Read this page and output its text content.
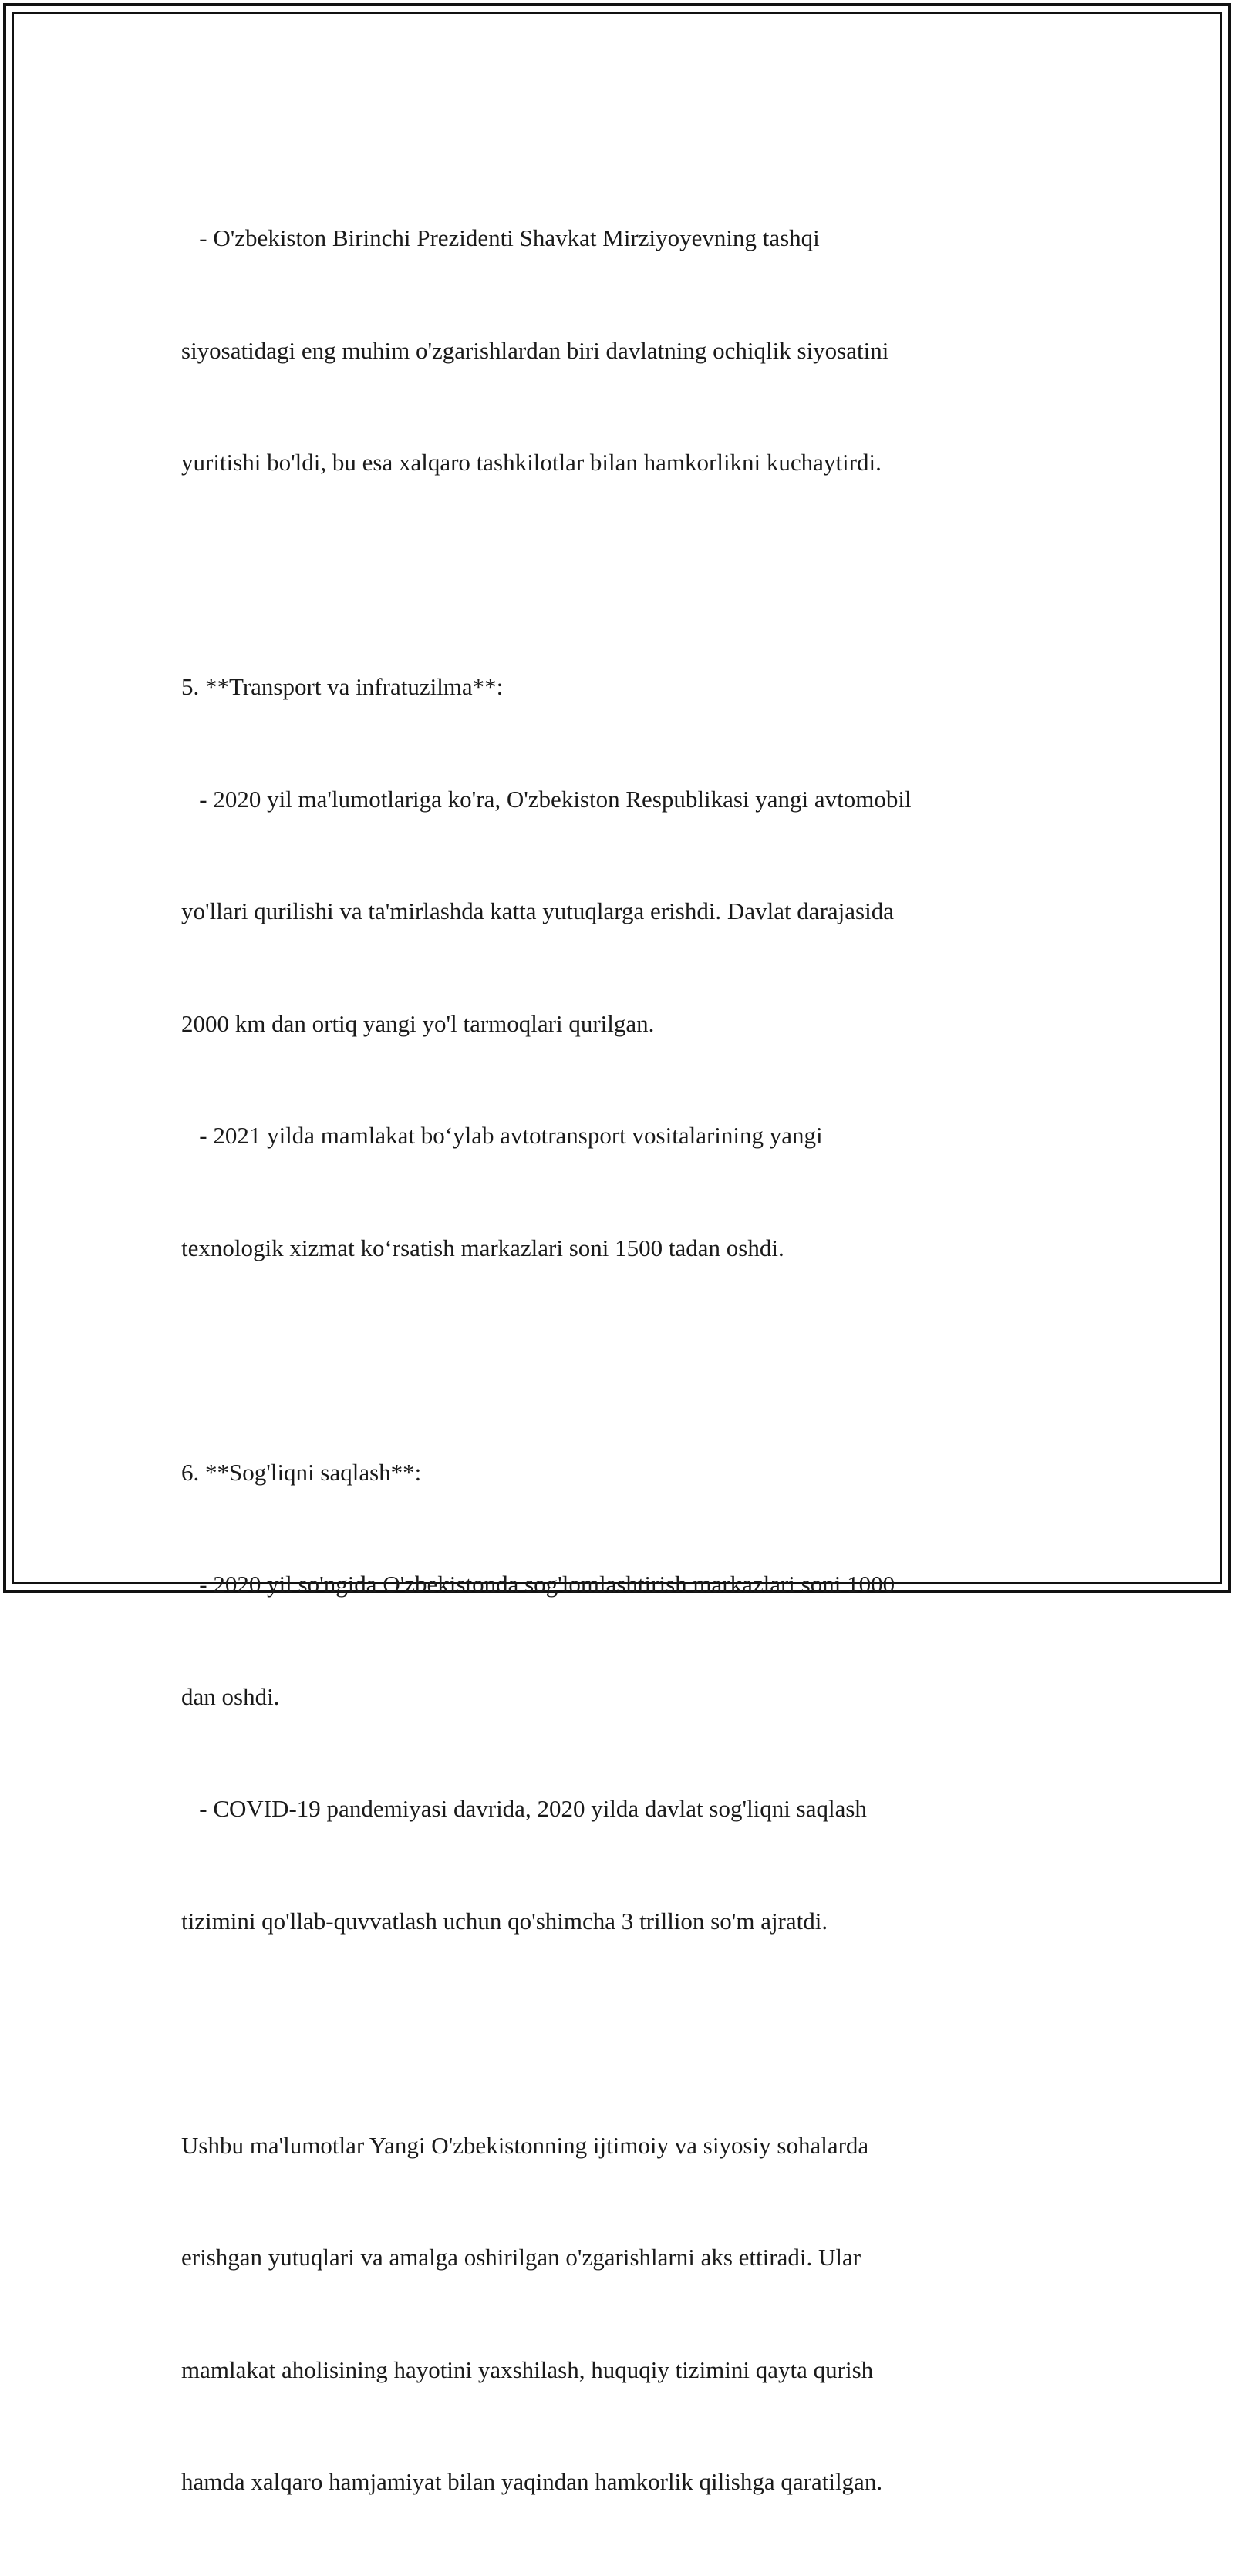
- O'zbekiston Birinchi Prezidenti Shavkat Mirziyoyevning tashqi

siyosatidagi eng muhim o'zgarishlardan biri davlatning ochiqlik siyosatini

yuritishi bo'ldi, bu esa xalqaro tashkilotlar bilan hamkorlikni kuchaytirdi.

5. **Transport va infratuzilma**:

- 2020 yil ma'lumotlariga ko'ra, O'zbekiston Respublikasi yangi avtomobil

yo'llari qurilishi va ta'mirlashda katta yutuqlarga erishdi. Davlat darajasida

2000 km dan ortiq yangi yo'l tarmoqlari qurilgan.

- 2021 yilda mamlakat boʻylab avtotransport vositalarining yangi

texnologik xizmat koʻrsatish markazlari soni 1500 tadan oshdi.

6. **Sog'liqni saqlash**:

- 2020 yil so'ngida O'zbekistonda sog'lomlashtirish markazlari soni 1000

dan oshdi.

- COVID-19 pandemiyasi davrida, 2020 yilda davlat sog'liqni saqlash

tizimini qo'llab-quvvatlash uchun qo'shimcha 3 trillion so'm ajratdi.

Ushbu ma'lumotlar Yangi O'zbekistonning ijtimoiy va siyosiy sohalarda

erishgan yutuqlari va amalga oshirilgan o'zgarishlarni aks ettiradi. Ular

mamlakat aholisining hayotini yaxshilash, huquqiy tizimini qayta qurish

hamda xalqaro hamjamiyat bilan yaqindan hamkorlik qilishga qaratilgan.
